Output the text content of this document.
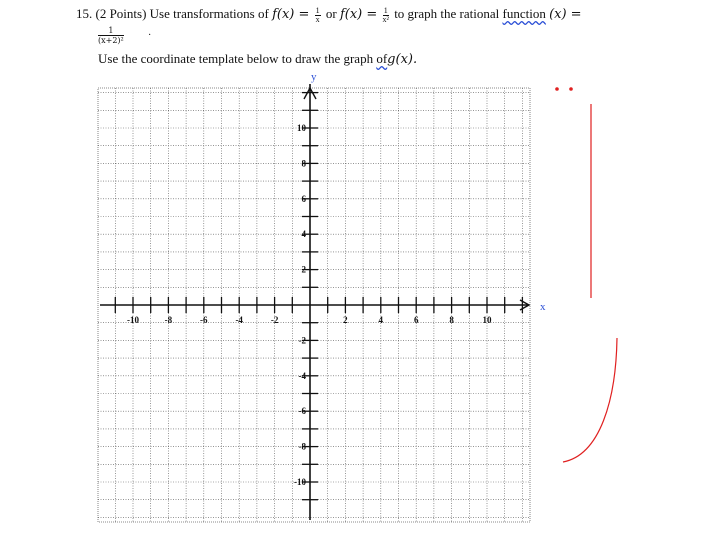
15. (2 Points) Use transformations of $f(x) = \frac{1}{x}$ or $f(x) = \frac{1}{\text{x²}}$ to graph the rational function (x) =
$\frac{1}{\text{(x+2)²}}$ ·
Use the coordinate template below to draw the graph ofg(x).
-10	-8	-6	-4	-2	2	4	6	8	10
10
8
6
4
2
-2
-4
-6
-8
-10
x
y
